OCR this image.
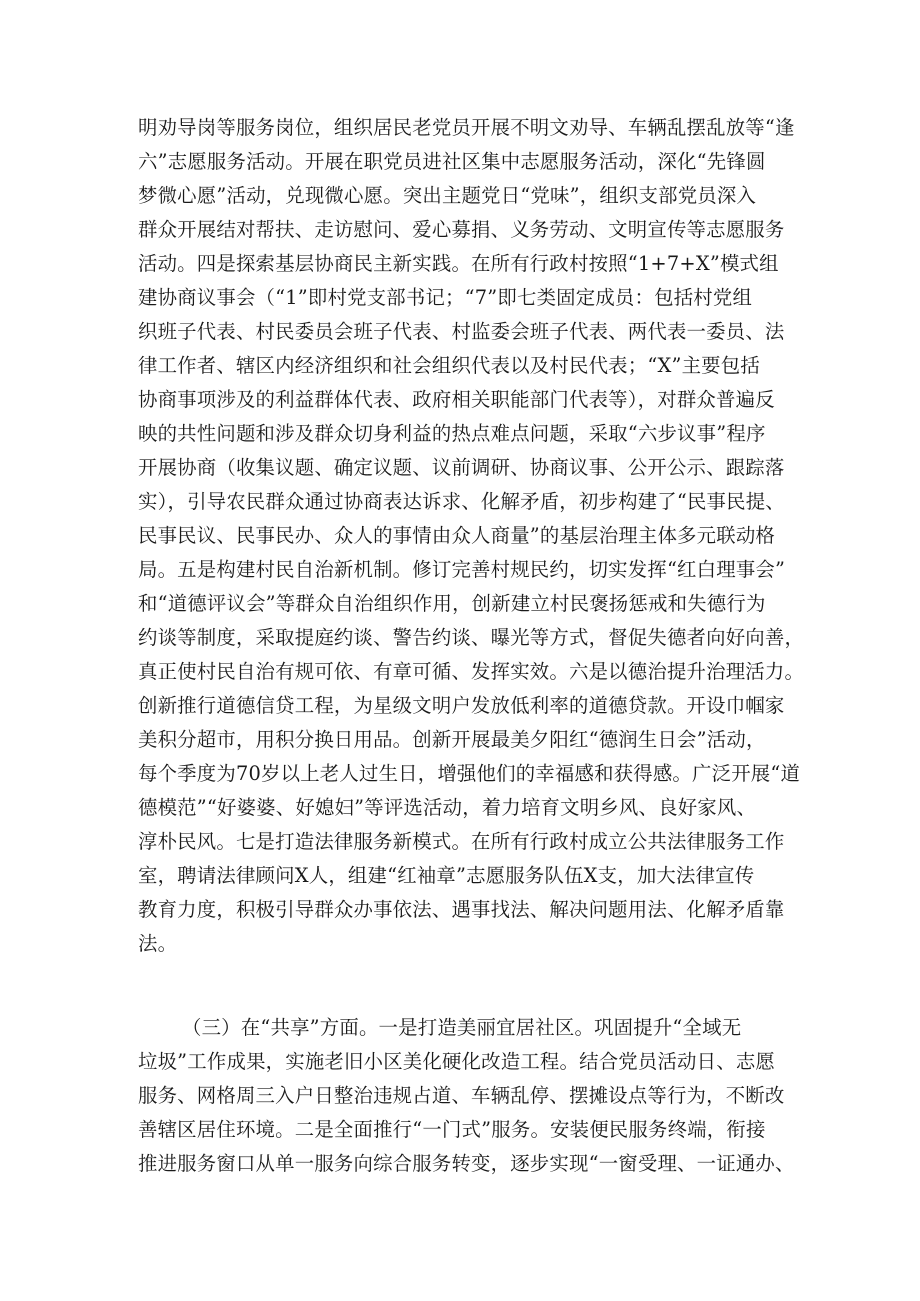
明劝导岗等服务岗位，组织居民老党员开展不明文劝导、车辆乱摆乱放等“逢
六”志愿服务活动。开展在职党员进社区集中志愿服务活动，深化“先锋圆
梦微心愿”活动，兑现微心愿。突出主题党日“党味”，组织支部党员深入
群众开展结对帮扶、走访慰问、爱心募捐、义务劳动、文明宣传等志愿服务
活动。四是探索基层协商民主新实践。在所有行政村按照“1+7+X”模式组
建协商议事会（“1”即村党支部书记；“7”即七类固定成员：包括村党组
织班子代表、村民委员会班子代表、村监委会班子代表、两代表一委员、法
律工作者、辖区内经济组织和社会组织代表以及村民代表；“X”主要包括
协商事项涉及的利益群体代表、政府相关职能部门代表等），对群众普遍反
映的共性问题和涉及群众切身利益的热点难点问题，采取“六步议事”程序
开展协商（收集议题、确定议题、议前调研、协商议事、公开公示、跟踪落
实），引导农民群众通过协商表达诉求、化解矛盾，初步构建了“民事民提、
民事民议、民事民办、众人的事情由众人商量”的基层治理主体多元联动格
局。五是构建村民自治新机制。修订完善村规民约，切实发挥“红白理事会”
和“道德评议会”等群众自治组织作用，创新建立村民褒扬惩戒和失德行为
约谈等制度，采取提庭约谈、警告约谈、曝光等方式，督促失德者向好向善，
真正使村民自治有规可依、有章可循、发挥实效。六是以德治提升治理活力。
创新推行道德信贷工程，为星级文明户发放低利率的道德贷款。开设巾帼家
美积分超市，用积分换日用品。创新开展最美夕阳红“德润生日会”活动，
每个季度为70岁以上老人过生日，增强他们的幸福感和获得感。广泛开展“道
德模范”“好婆婆、好媳妇”等评选活动，着力培育文明乡风、良好家风、
淳朴民风。七是打造法律服务新模式。在所有行政村成立公共法律服务工作
室，聘请法律顾问X人，组建“红袖章”志愿服务队伍X支，加大法律宣传
教育力度，积极引导群众办事依法、遇事找法、解决问题用法、化解矛盾靠
法。
（三）在“共享”方面。一是打造美丽宜居社区。巩固提升“全域无
垃圾”工作成果，实施老旧小区美化硬化改造工程。结合党员活动日、志愿
服务、网格周三入户日整治违规占道、车辆乱停、摆摊设点等行为，不断改
善辖区居住环境。二是全面推行“一门式”服务。安装便民服务终端，衔接
推进服务窗口从单一服务向综合服务转变，逐步实现“一窗受理、一证通办、
